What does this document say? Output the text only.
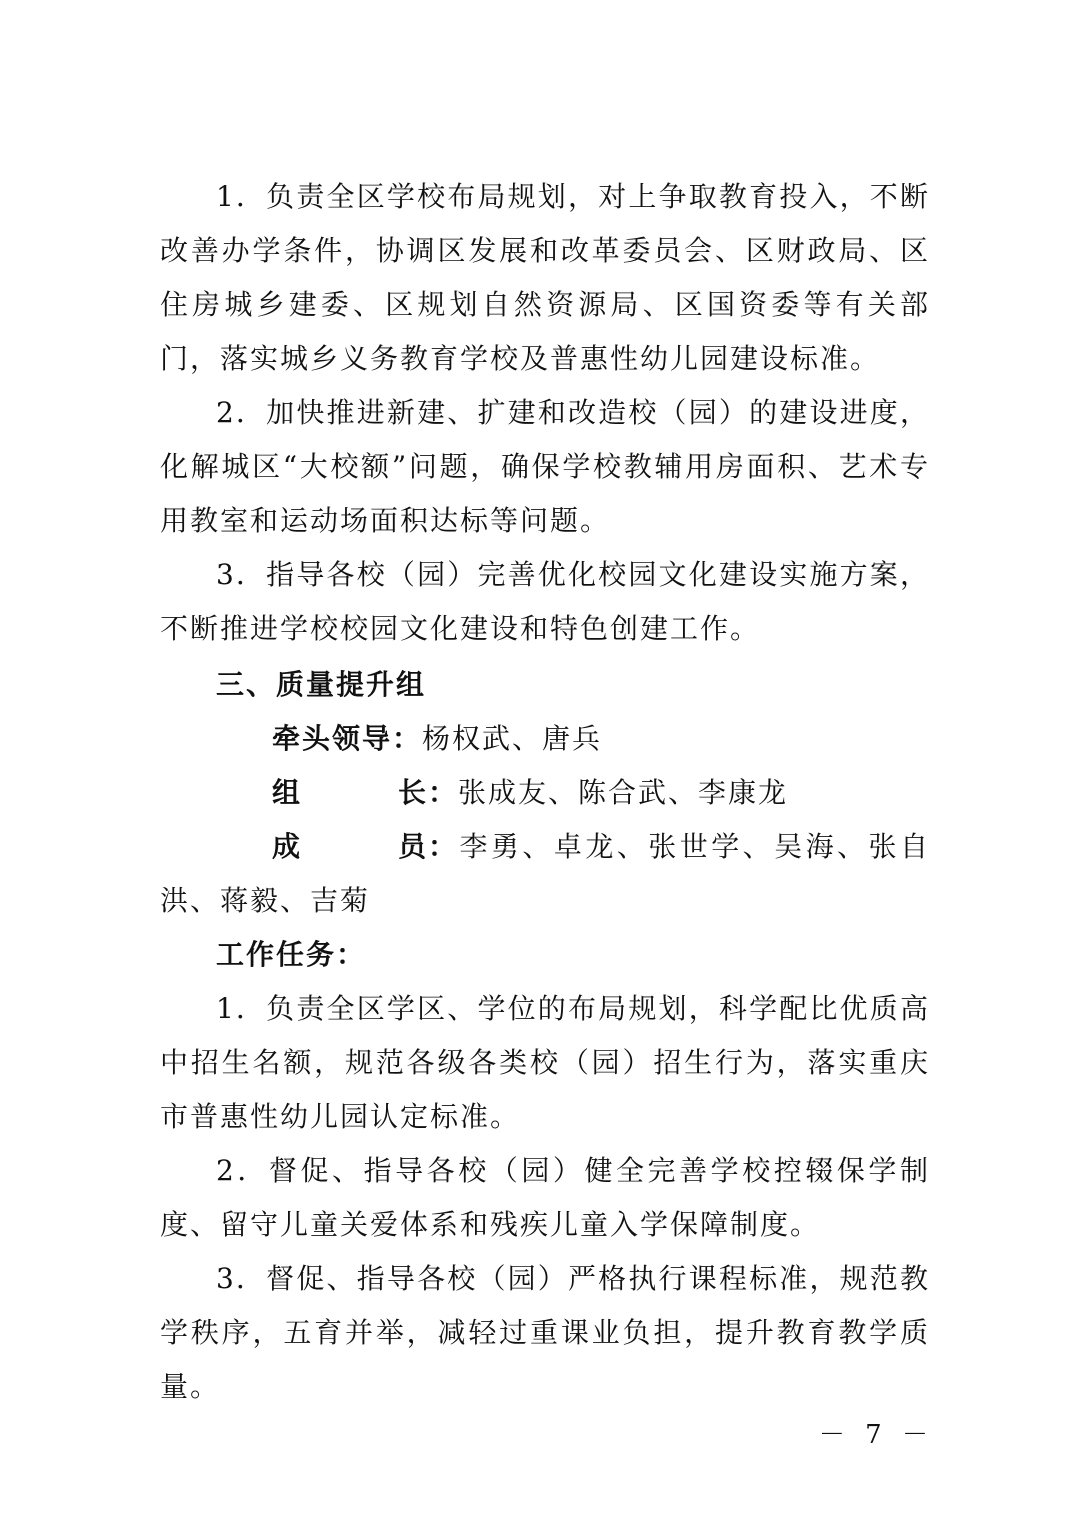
1．负责全区学校布局规划，对上争取教育投入，不断改善办学条件，协调区发展和改革委员会、区财政局、区住房城乡建委、区规划自然资源局、区国资委等有关部门，落实城乡义务教育学校及普惠性幼儿园建设标准。

2．加快推进新建、扩建和改造校（园）的建设进度，化解城区“大校额”问题，确保学校教辅用房面积、艺术专用教室和运动场面积达标等问题。

3．指导各校（园）完善优化校园文化建设实施方案，不断推进学校校园文化建设和特色创建工作。

三、质量提升组

牵头领导：杨权武、唐兵

组	长：张成友、陈合武、李康龙

成	员：李勇、卓龙、张世学、吴海、张自洪、蒋毅、吉菊

工作任务：

1．负责全区学区、学位的布局规划，科学配比优质高中招生名额，规范各级各类校（园）招生行为，落实重庆市普惠性幼儿园认定标准。

2．督促、指导各校（园）健全完善学校控辍保学制度、留守儿童关爱体系和残疾儿童入学保障制度。

3．督促、指导各校（园）严格执行课程标准，规范教学秩序，五育并举，减轻过重课业负担，提升教育教学质量。

－ 7 －
